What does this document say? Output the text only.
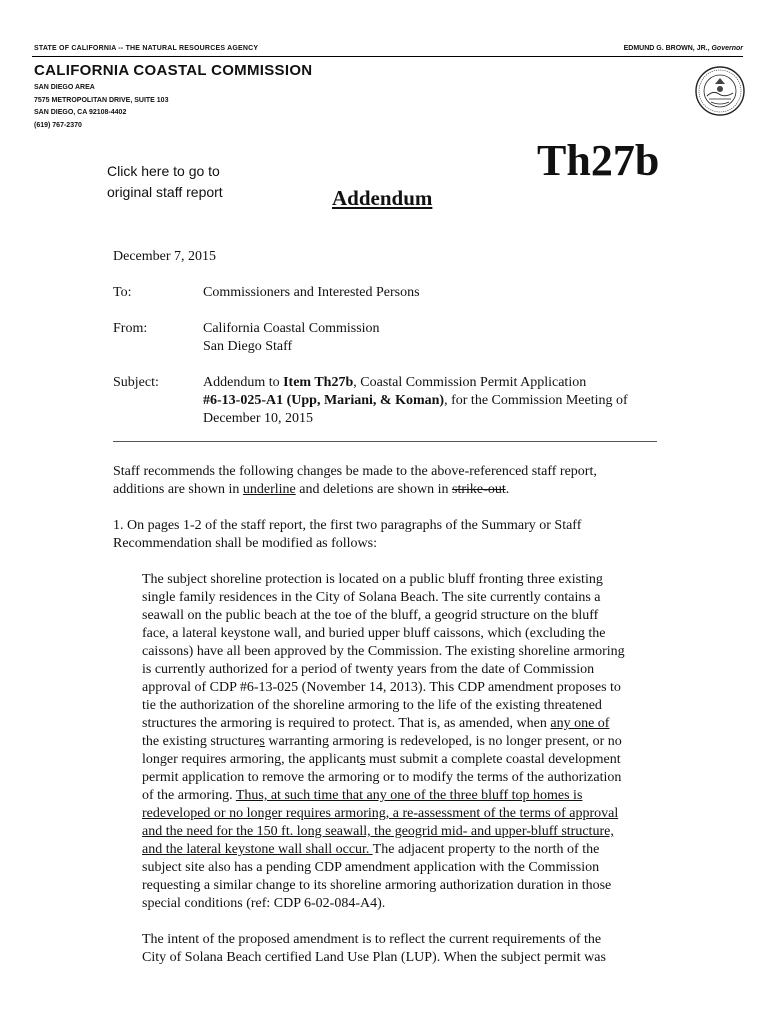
STATE OF CALIFORNIA -- THE NATURAL RESOURCES AGENCY	EDMUND G. BROWN, JR., Governor
CALIFORNIA COASTAL COMMISSION
SAN DIEGO AREA
7575 METROPOLITAN DRIVE, SUITE 103
SAN DIEGO, CA 92108-4402
(619) 767-2370
Click here to go to
original staff report
Th27b
Addendum
December 7, 2015
To:	Commissioners and Interested Persons
From:	California Coastal Commission
San Diego Staff
Subject:	Addendum to Item Th27b, Coastal Commission Permit Application
#6-13-025-A1 (Upp, Mariani, & Koman), for the Commission Meeting of
December 10, 2015
Staff recommends the following changes be made to the above-referenced staff report,
additions are shown in underline and deletions are shown in strike-out.
1. On pages 1-2 of the staff report, the first two paragraphs of the Summary or Staff
Recommendation shall be modified as follows:
The subject shoreline protection is located on a public bluff fronting three existing
single family residences in the City of Solana Beach. The site currently contains a
seawall on the public beach at the toe of the bluff, a geogrid structure on the bluff
face, a lateral keystone wall, and buried upper bluff caissons, which (excluding the
caissons) have all been approved by the Commission. The existing shoreline armoring
is currently authorized for a period of twenty years from the date of Commission
approval of CDP #6-13-025 (November 14, 2013). This CDP amendment proposes to
tie the authorization of the shoreline armoring to the life of the existing threatened
structures the armoring is required to protect. That is, as amended, when any one of
the existing structures warranting armoring is redeveloped, is no longer present, or no
longer requires armoring, the applicants must submit a complete coastal development
permit application to remove the armoring or to modify the terms of the authorization
of the armoring. Thus, at such time that any one of the three bluff top homes is
redeveloped or no longer requires armoring, a re-assessment of the terms of approval
and the need for the 150 ft. long seawall, the geogrid mid- and upper-bluff structure,
and the lateral keystone wall shall occur. The adjacent property to the north of the
subject site also has a pending CDP amendment application with the Commission
requesting a similar change to its shoreline armoring authorization duration in those
special conditions (ref: CDP 6-02-084-A4).
The intent of the proposed amendment is to reflect the current requirements of the
City of Solana Beach certified Land Use Plan (LUP). When the subject permit was
